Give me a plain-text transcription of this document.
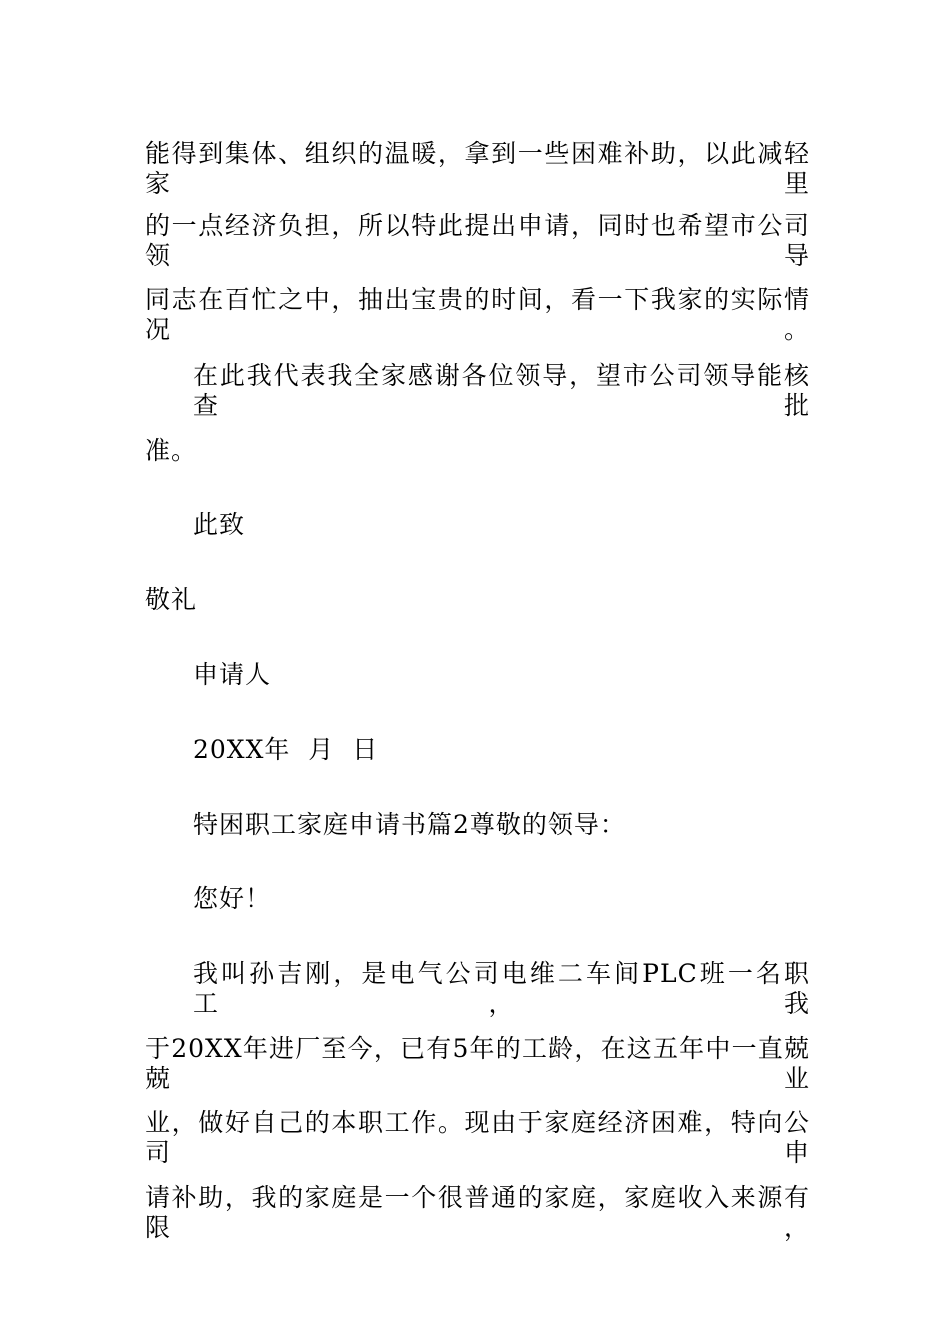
能得到集体、组织的温暖，拿到一些困难补助，以此减轻家里
的一点经济负担，所以特此提出申请，同时也希望市公司领导
同志在百忙之中，抽出宝贵的时间，看一下我家的实际情况。
在此我代表我全家感谢各位领导，望市公司领导能核查批
准。
此致
敬礼
申请人
20XX年  月  日
特困职工家庭申请书篇2尊敬的领导：
您好！
我叫孙吉刚，是电气公司电维二车间PLC班一名职工，我
于20XX年进厂至今，已有5年的工龄，在这五年中一直兢兢业
业，做好自己的本职工作。现由于家庭经济困难，特向公司申
请补助，我的家庭是一个很普通的家庭，家庭收入来源有限，
